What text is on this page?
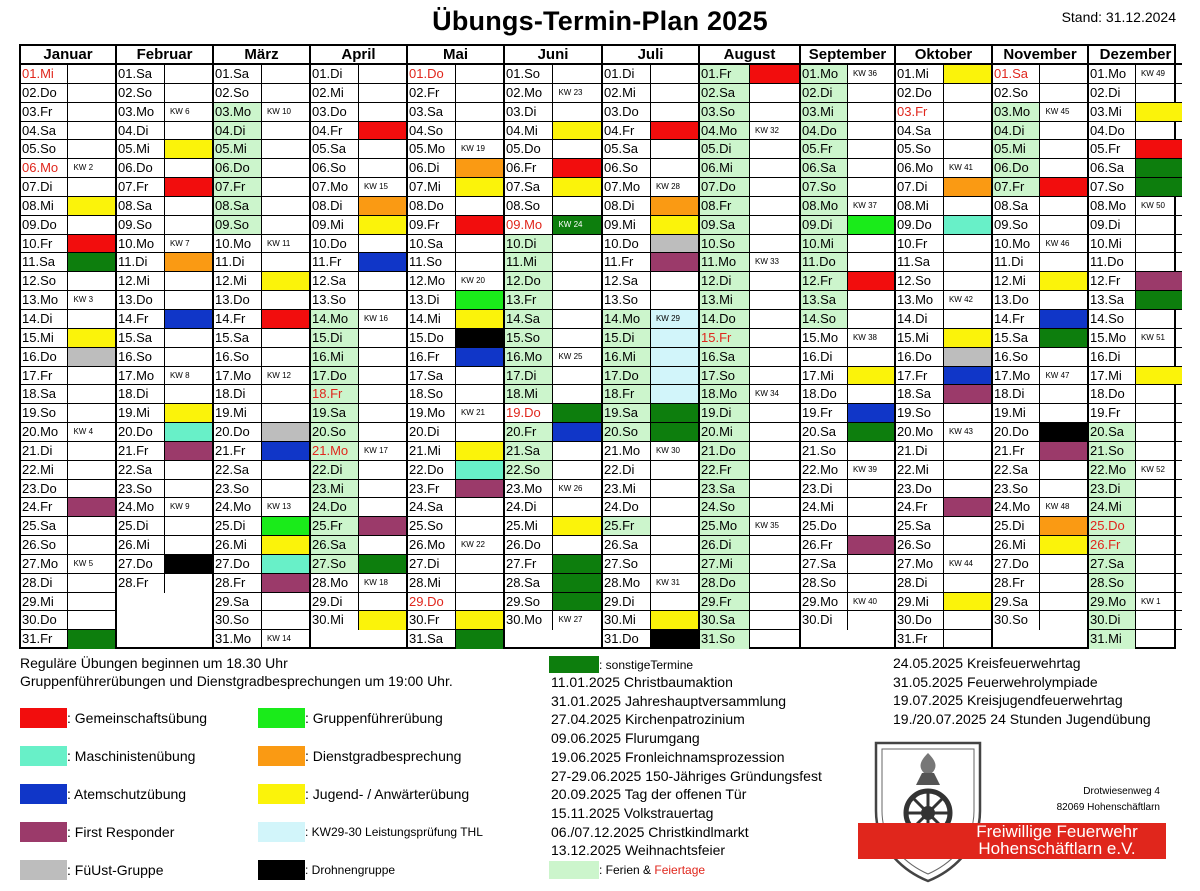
Übungs-Termin-Plan 2025	Stand: 31.12.2024
Januar
01.Mi
02.Do
03.Fr
04.Sa
05.So
06.Mo	KW 2
07.Di
08.Mi
09.Do
10.Fr
11.Sa
12.So
13.Mo	KW 3
14.Di
15.Mi
16.Do
17.Fr
18.Sa
19.So
20.Mo	KW 4
21.Di
22.Mi
23.Do
24.Fr
25.Sa
26.So
27.Mo	KW 5
28.Di
29.Mi
30.Do
31.Fr
Februar
01.Sa
02.So
03.Mo	KW 6
04.Di
05.Mi
06.Do
07.Fr
08.Sa
09.So
10.Mo	KW 7
11.Di
12.Mi
13.Do
14.Fr
15.Sa
16.So
17.Mo	KW 8
18.Di
19.Mi
20.Do
21.Fr
22.Sa
23.So
24.Mo	KW 9
25.Di
26.Mi
27.Do
28.Fr
März
01.Sa
02.So
03.Mo	KW 10
04.Di
05.Mi
06.Do
07.Fr
08.Sa
09.So
10.Mo	KW 11
11.Di
12.Mi
13.Do
14.Fr
15.Sa
16.So
17.Mo	KW 12
18.Di
19.Mi
20.Do
21.Fr
22.Sa
23.So
24.Mo	KW 13
25.Di
26.Mi
27.Do
28.Fr
29.Sa
30.So
31.Mo	KW 14
April
01.Di
02.Mi
03.Do
04.Fr
05.Sa
06.So
07.Mo	KW 15
08.Di
09.Mi
10.Do
11.Fr
12.Sa
13.So
14.Mo	KW 16
15.Di
16.Mi
17.Do
18.Fr
19.Sa
20.So
21.Mo	KW 17
22.Di
23.Mi
24.Do
25.Fr
26.Sa
27.So
28.Mo	KW 18
29.Di
30.Mi
Mai
01.Do
02.Fr
03.Sa
04.So
05.Mo	KW 19
06.Di
07.Mi
08.Do
09.Fr
10.Sa
11.So
12.Mo	KW 20
13.Di
14.Mi
15.Do
16.Fr
17.Sa
18.So
19.Mo	KW 21
20.Di
21.Mi
22.Do
23.Fr
24.Sa
25.So
26.Mo	KW 22
27.Di
28.Mi
29.Do
30.Fr
31.Sa
Juni
01.So
02.Mo	KW 23
03.Di
04.Mi
05.Do
06.Fr
07.Sa
08.So
09.Mo	KW 24
10.Di
11.Mi
12.Do
13.Fr
14.Sa
15.So
16.Mo	KW 25
17.Di
18.Mi
19.Do
20.Fr
21.Sa
22.So
23.Mo	KW 26
24.Di
25.Mi
26.Do
27.Fr
28.Sa
29.So
30.Mo	KW 27
Juli
01.Di
02.Mi
03.Do
04.Fr
05.Sa
06.So
07.Mo	KW 28
08.Di
09.Mi
10.Do
11.Fr
12.Sa
13.So
14.Mo	KW 29
15.Di
16.Mi
17.Do
18.Fr
19.Sa
20.So
21.Mo	KW 30
22.Di
23.Mi
24.Do
25.Fr
26.Sa
27.So
28.Mo	KW 31
29.Di
30.Mi
31.Do
August
01.Fr
02.Sa
03.So
04.Mo	KW 32
05.Di
06.Mi
07.Do
08.Fr
09.Sa
10.So
11.Mo	KW 33
12.Di
13.Mi
14.Do
15.Fr
16.Sa
17.So
18.Mo	KW 34
19.Di
20.Mi
21.Do
22.Fr
23.Sa
24.So
25.Mo	KW 35
26.Di
27.Mi
28.Do
29.Fr
30.Sa
31.So
September
01.Mo	KW 36
02.Di
03.Mi
04.Do
05.Fr
06.Sa
07.So
08.Mo	KW 37
09.Di
10.Mi
11.Do
12.Fr
13.Sa
14.So
15.Mo	KW 38
16.Di
17.Mi
18.Do
19.Fr
20.Sa
21.So
22.Mo	KW 39
23.Di
24.Mi
25.Do
26.Fr
27.Sa
28.So
29.Mo	KW 40
30.Di
Oktober
01.Mi
02.Do
03.Fr
04.Sa
05.So
06.Mo	KW 41
07.Di
08.Mi
09.Do
10.Fr
11.Sa
12.So
13.Mo	KW 42
14.Di
15.Mi
16.Do
17.Fr
18.Sa
19.So
20.Mo	KW 43
21.Di
22.Mi
23.Do
24.Fr
25.Sa
26.So
27.Mo	KW 44
28.Di
29.Mi
30.Do
31.Fr
November
01.Sa
02.So
03.Mo	KW 45
04.Di
05.Mi
06.Do
07.Fr
08.Sa
09.So
10.Mo	KW 46
11.Di
12.Mi
13.Do
14.Fr
15.Sa
16.So
17.Mo	KW 47
18.Di
19.Mi
20.Do
21.Fr
22.Sa
23.So
24.Mo	KW 48
25.Di
26.Mi
27.Do
28.Fr
29.Sa
30.So
Dezember
01.Mo	KW 49
02.Di
03.Mi
04.Do
05.Fr
06.Sa
07.So
08.Mo	KW 50
09.Di
10.Mi
11.Do
12.Fr
13.Sa
14.So
15.Mo	KW 51
16.Di
17.Mi
18.Do
19.Fr
20.Sa
21.So
22.Mo	KW 52
23.Di
24.Mi
25.Do
26.Fr
27.Sa
28.So
29.Mo	KW 1
30.Di
31.Mi
Reguläre Übungen beginnen um 18.30 Uhr
Gruppenführerübungen und Dienstgradbesprechungen um 19:00 Uhr.
: Gemeinschaftsübung	: Gruppenführerübung
: Maschinistenübung	: Dienstgradbesprechung
: Atemschutzübung	: Jugend- / Anwärterübung
: First Responder	: KW29-30 Leistungsprüfung THL
: FüUst-Gruppe	: Drohnengruppe
: sonstigeTermine
11.01.2025 Christbaumaktion
31.01.2025 Jahreshauptversammlung
27.04.2025 Kirchenpatrozinium
09.06.2025 Flurumgang
19.06.2025 Fronleichnamsprozession
27-29.06.2025 150-Jähriges Gründungsfest
20.09.2025 Tag der offenen Tür
15.11.2025 Volkstrauertag
06./07.12.2025 Christkindlmarkt
13.12.2025 Weihnachtsfeier
24.05.2025 Kreisfeuerwehrtag
31.05.2025 Feuerwehrolympiade
19.07.2025 Kreisjugendfeuerwehrtag
19./20.07.2025 24 Stunden Jugendübung
: Ferien & Feiertage
Drotwiesenweg 4
82069 Hohenschäftlarn
Freiwillige Feuerwehr
Hohenschäftlarn e.V.
